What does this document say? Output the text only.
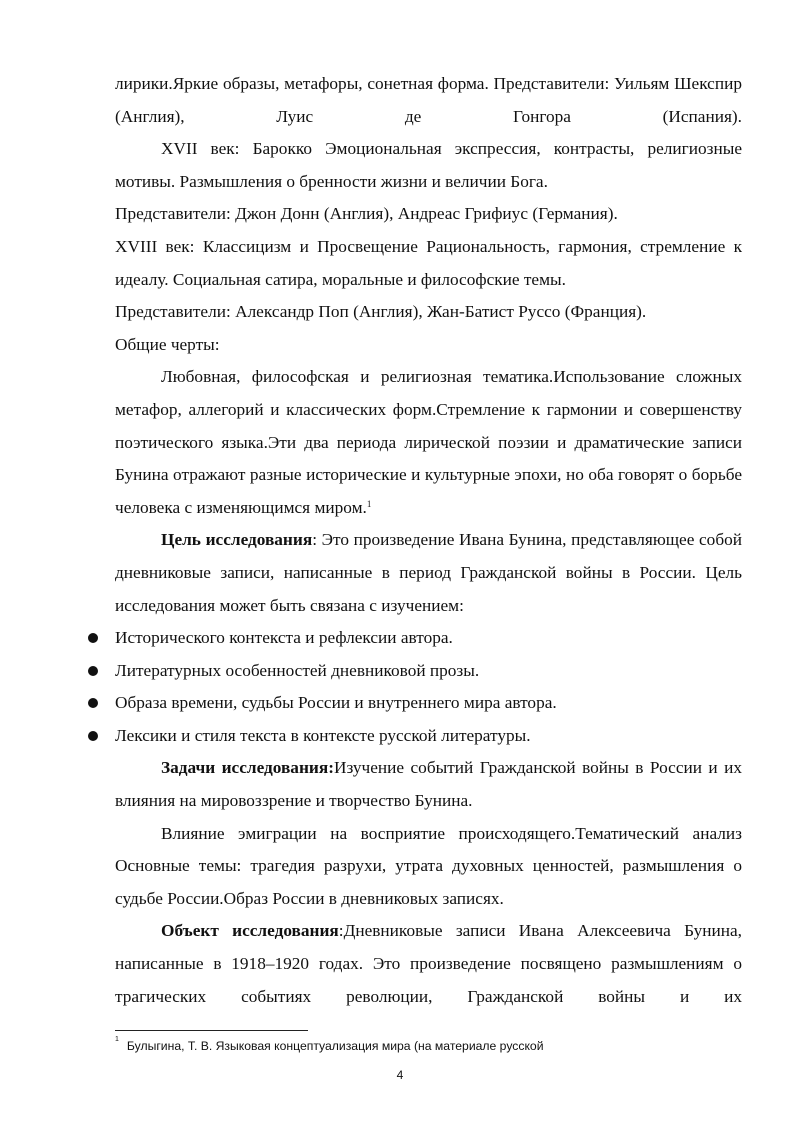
лирики.Яркие образы, метафоры, сонетная форма. Представители: Уильям Шекспир (Англия), Луис де Гонгора (Испания).

XVII век: Барокко Эмоциональная экспрессия, контрасты, религиозные мотивы. Размышления о бренности жизни и величии Бога.

Представители: Джон Донн (Англия), Андреас Грифиус (Германия).

XVIII век: Классицизм и Просвещение Рациональность, гармония, стремление к идеалу. Социальная сатира, моральные и философские темы.

Представители: Александр Поп (Англия), Жан-Батист Руссо (Франция).

Общие черты:

Любовная, философская и религиозная тематика.Использование сложных метафор, аллегорий и классических форм.Стремление к гармонии и совершенству поэтического языка.Эти два периода лирической поэзии и драматические записи Бунина отражают разные исторические и культурные эпохи, но оба говорят о борьбе человека с изменяющимся миром.$^1$

Цель исследования: Это произведение Ивана Бунина, представляющее собой дневниковые записи, написанные в период Гражданской войны в России. Цель исследования может быть связана с изучением:

Исторического контекста и рефлексии автора.

Литературных особенностей дневниковой прозы.

Образа времени, судьбы России и внутреннего мира автора.

Лексики и стиля текста в контексте русской литературы.

Задачи исследования:Изучение событий Гражданской войны в России и их влияния на мировоззрение и творчество Бунина.

Влияние эмиграции на восприятие происходящего.Тематический анализ Основные темы: трагедия разрухи, утрата духовных ценностей, размышления о судьбе России.Образ России в дневниковых записях.

Объект исследования:Дневниковые записи Ивана Алексеевича Бунина, написанные в 1918–1920 годах. Это произведение посвящено размышлениям о трагических событиях революции, Гражданской войны и их

$^1$ Булыгина, Т. В. Языковая концептуализация мира (на материале русской
4
